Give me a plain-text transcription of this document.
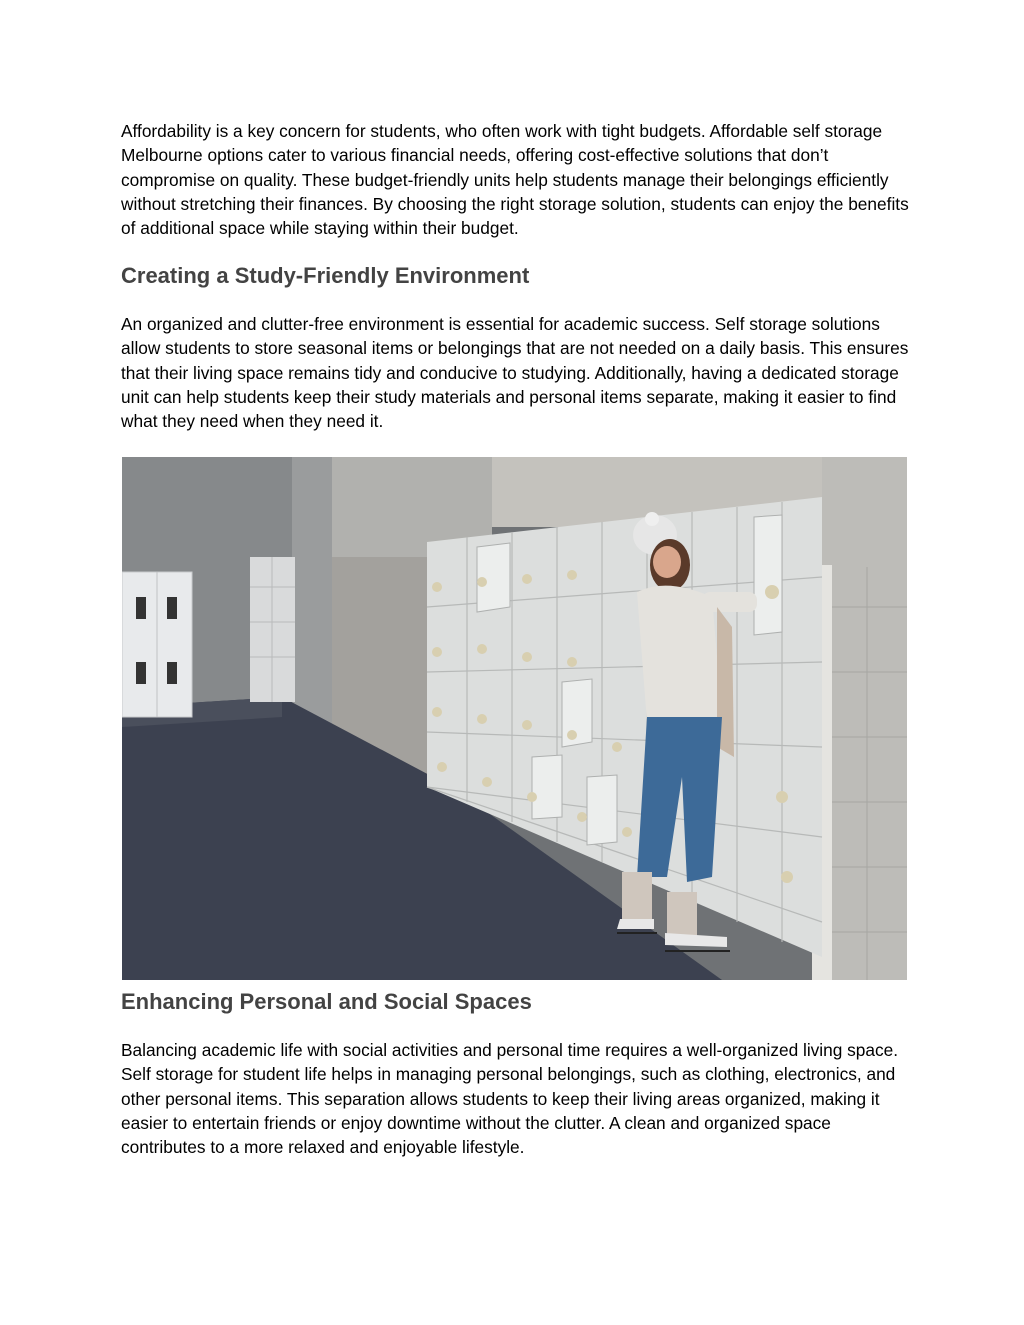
Affordability is a key concern for students, who often work with tight budgets. Affordable self storage Melbourne options cater to various financial needs, offering cost-effective solutions that don’t compromise on quality. These budget-friendly units help students manage their belongings efficiently without stretching their finances. By choosing the right storage solution, students can enjoy the benefits of additional space while staying within their budget.

Creating a Study-Friendly Environment

An organized and clutter-free environment is essential for academic success. Self storage solutions allow students to store seasonal items or belongings that are not needed on a daily basis. This ensures that their living space remains tidy and conducive to studying. Additionally, having a dedicated storage unit can help students keep their study materials and personal items separate, making it easier to find what they need when they need it.

Enhancing Personal and Social Spaces

Balancing academic life with social activities and personal time requires a well-organized living space. Self storage for student life helps in managing personal belongings, such as clothing, electronics, and other personal items. This separation allows students to keep their living areas organized, making it easier to entertain friends or enjoy downtime without the clutter. A clean and organized space contributes to a more relaxed and enjoyable lifestyle.
